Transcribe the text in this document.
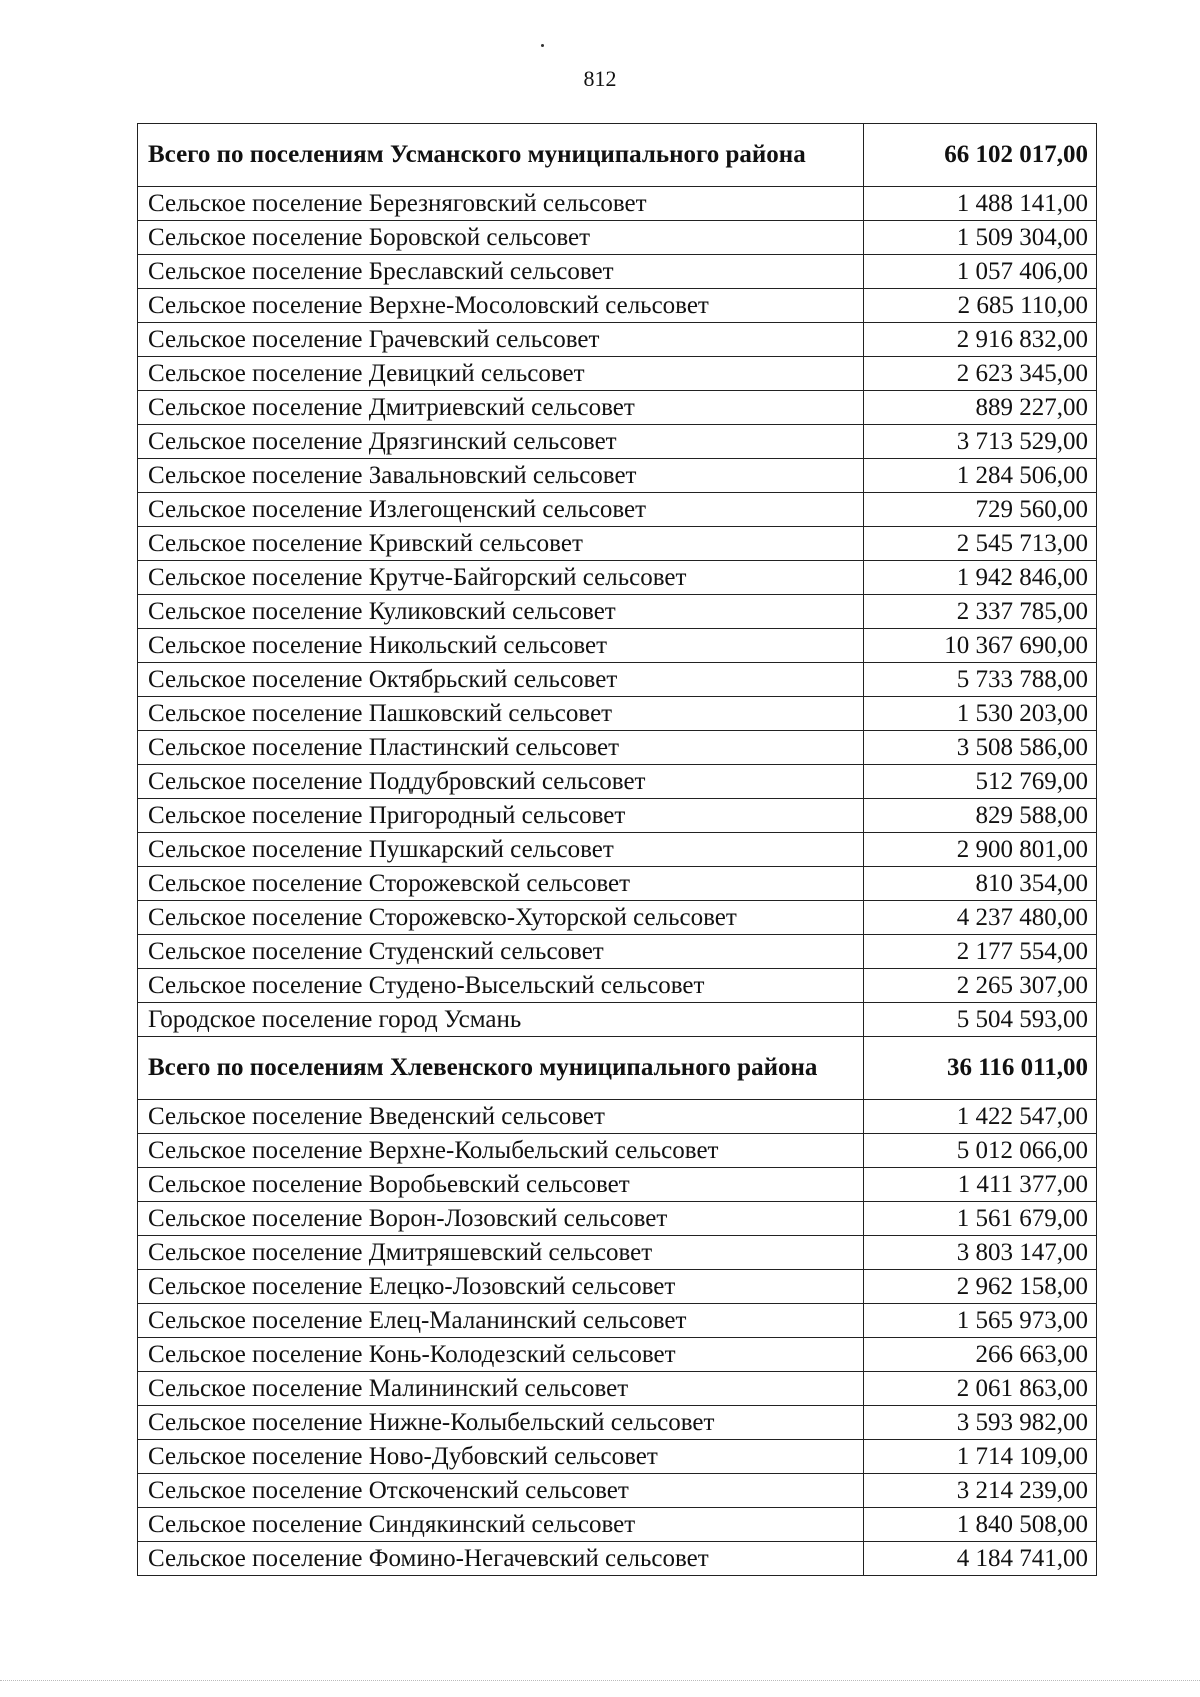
812
Всего по поселениям Усманского муниципального района	66 102 017,00
Сельское поселение Березняговский сельсовет	1 488 141,00
Сельское поселение Боровской сельсовет	1 509 304,00
Сельское поселение Бреславский сельсовет	1 057 406,00
Сельское поселение Верхне-Мосоловский сельсовет	2 685 110,00
Сельское поселение Грачевский сельсовет	2 916 832,00
Сельское поселение Девицкий сельсовет	2 623 345,00
Сельское поселение Дмитриевский сельсовет	889 227,00
Сельское поселение Дрязгинский сельсовет	3 713 529,00
Сельское поселение Завальновский сельсовет	1 284 506,00
Сельское поселение Излегощенский сельсовет	729 560,00
Сельское поселение Кривский сельсовет	2 545 713,00
Сельское поселение Крутче-Байгорский сельсовет	1 942 846,00
Сельское поселение Куликовский сельсовет	2 337 785,00
Сельское поселение Никольский сельсовет	10 367 690,00
Сельское поселение Октябрьский сельсовет	5 733 788,00
Сельское поселение Пашковский сельсовет	1 530 203,00
Сельское поселение Пластинский сельсовет	3 508 586,00
Сельское поселение Поддубровский сельсовет	512 769,00
Сельское поселение Пригородный сельсовет	829 588,00
Сельское поселение Пушкарский сельсовет	2 900 801,00
Сельское поселение Сторожевской сельсовет	810 354,00
Сельское поселение Сторожевско-Хуторской сельсовет	4 237 480,00
Сельское поселение Студенский сельсовет	2 177 554,00
Сельское поселение Студено-Высельский сельсовет	2 265 307,00
Городское поселение город Усмань	5 504 593,00
Всего по поселениям Хлевенского муниципального района	36 116 011,00
Сельское поселение Введенский сельсовет	1 422 547,00
Сельское поселение Верхне-Колыбельский сельсовет	5 012 066,00
Сельское поселение Воробьевский сельсовет	1 411 377,00
Сельское поселение Ворон-Лозовский сельсовет	1 561 679,00
Сельское поселение Дмитряшевский сельсовет	3 803 147,00
Сельское поселение Елецко-Лозовский сельсовет	2 962 158,00
Сельское поселение Елец-Маланинский сельсовет	1 565 973,00
Сельское поселение Конь-Колодезский сельсовет	266 663,00
Сельское поселение Малининский сельсовет	2 061 863,00
Сельское поселение Нижне-Колыбельский сельсовет	3 593 982,00
Сельское поселение Ново-Дубовский сельсовет	1 714 109,00
Сельское поселение Отскоченский сельсовет	3 214 239,00
Сельское поселение Синдякинский сельсовет	1 840 508,00
Сельское поселение Фомино-Негачевский сельсовет	4 184 741,00
